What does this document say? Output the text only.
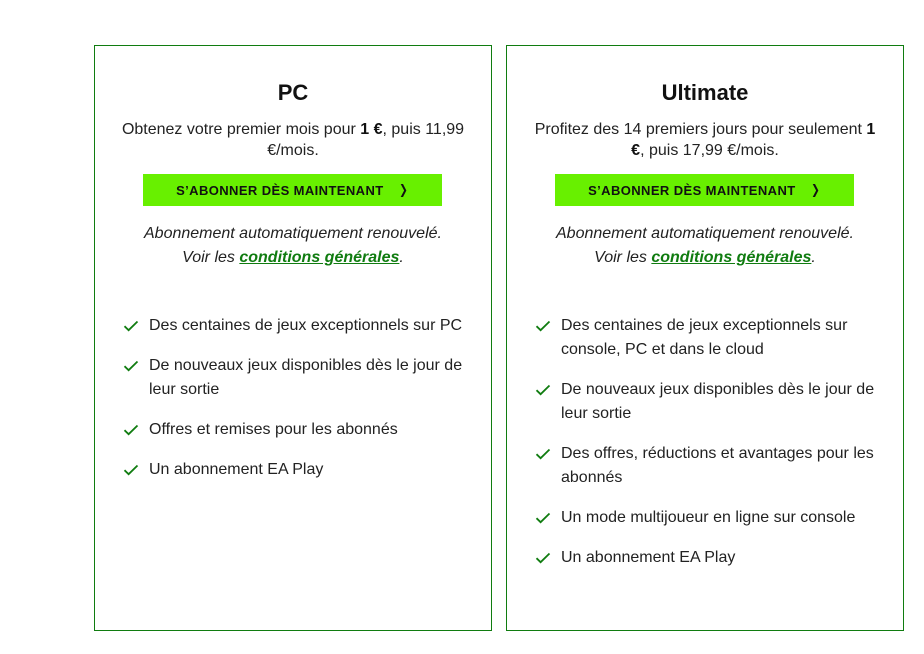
PC
Obtenez votre premier mois pour 1 €, puis 11,99 €/mois.
S’ABONNER DÈS MAINTENANT ❯
Abonnement automatiquement renouvelé.
Voir les conditions générales.
Des centaines de jeux exceptionnels sur PC
De nouveaux jeux disponibles dès le jour de leur sortie
Offres et remises pour les abonnés
Un abonnement EA Play
Ultimate
Profitez des 14 premiers jours pour seulement 1 €, puis 17,99 €/mois.
S’ABONNER DÈS MAINTENANT ❯
Abonnement automatiquement renouvelé.
Voir les conditions générales.
Des centaines de jeux exceptionnels sur console, PC et dans le cloud
De nouveaux jeux disponibles dès le jour de leur sortie
Des offres, réductions et avantages pour les abonnés
Un mode multijoueur en ligne sur console
Un abonnement EA Play
